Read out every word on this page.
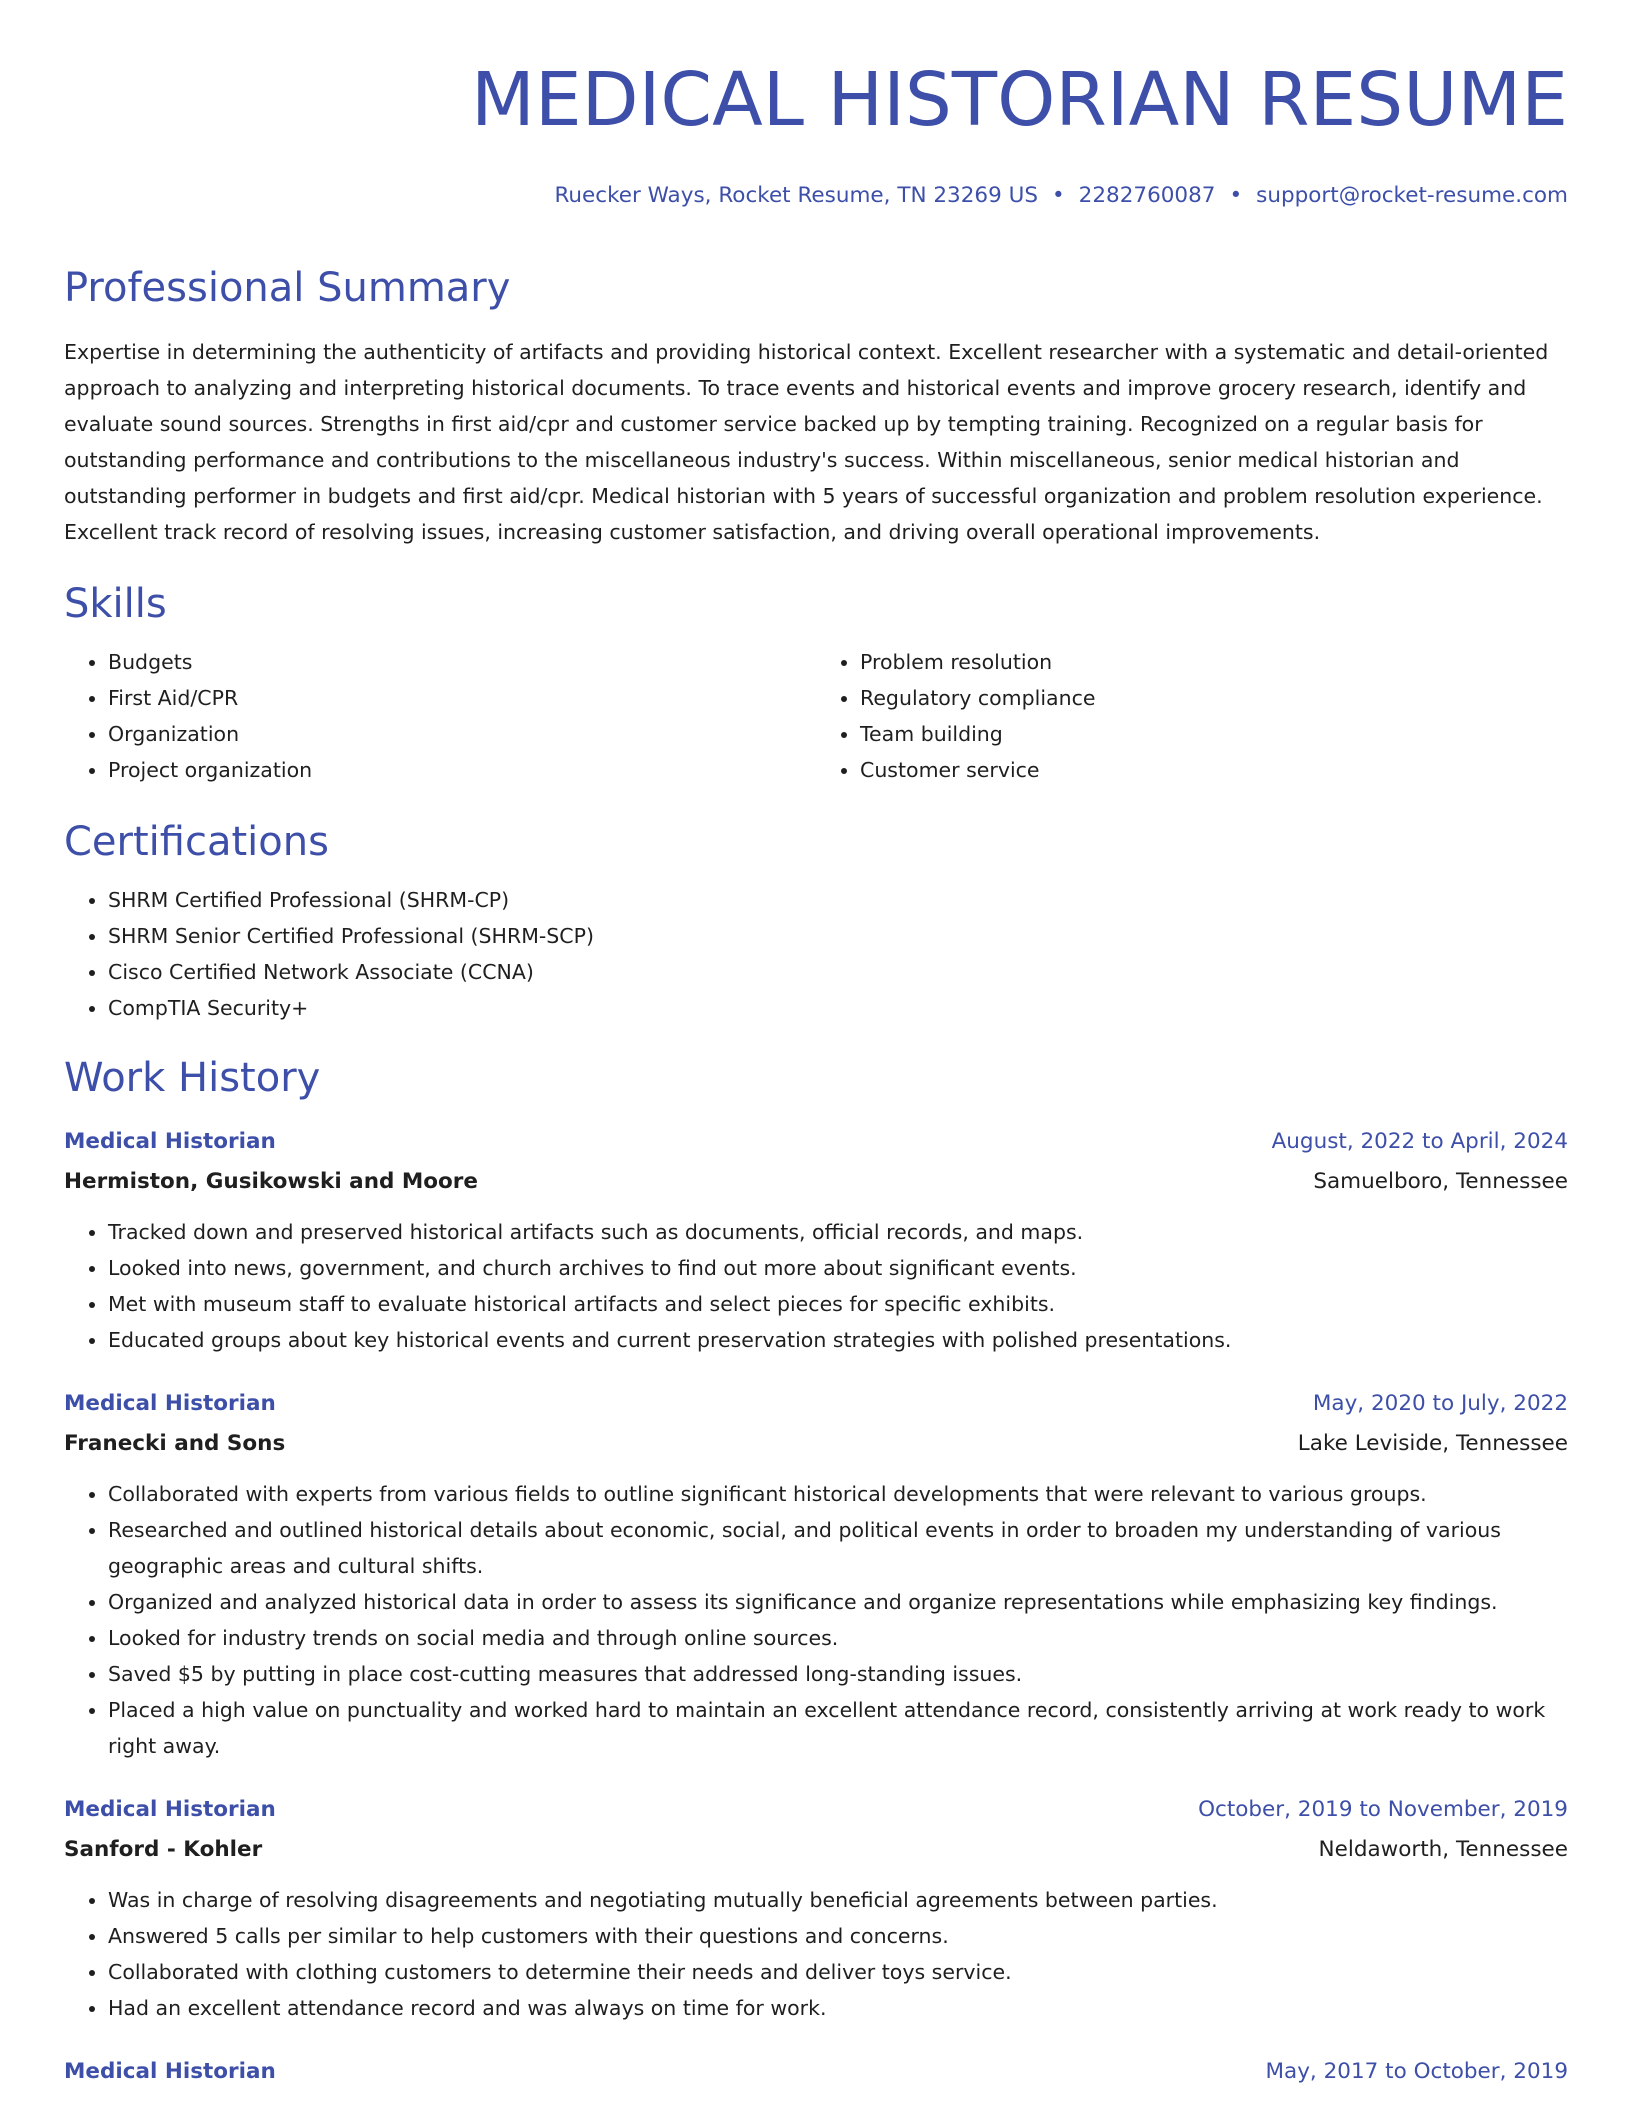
MEDICAL HISTORIAN RESUME
Ruecker Ways, Rocket Resume, TN 23269 US • 2282760087 • support@rocket-resume.com
Professional Summary

Expertise in determining the authenticity of artifacts and providing historical context. Excellent researcher with a systematic and detail-oriented approach to analyzing and interpreting historical documents. To trace events and historical events and improve grocery research, identify and evaluate sound sources. Strengths in first aid/cpr and customer service backed up by tempting training. Recognized on a regular basis for outstanding performance and contributions to the miscellaneous industry's success. Within miscellaneous, senior medical historian and outstanding performer in budgets and first aid/cpr. Medical historian with 5 years of successful organization and problem resolution experience. Excellent track record of resolving issues, increasing customer satisfaction, and driving overall operational improvements.

Skills
• Budgets
• First Aid/CPR
• Organization
• Project organization
• Problem resolution
• Regulatory compliance
• Team building
• Customer service
Certifications
• SHRM Certified Professional (SHRM-CP)
• SHRM Senior Certified Professional (SHRM-SCP)
• Cisco Certified Network Associate (CCNA)
• CompTIA Security+
Work History
Medical Historian	August, 2022 to April, 2024
Hermiston, Gusikowski and Moore	Samuelboro, Tennessee
• Tracked down and preserved historical artifacts such as documents, official records, and maps.
• Looked into news, government, and church archives to find out more about significant events.
• Met with museum staff to evaluate historical artifacts and select pieces for specific exhibits.
• Educated groups about key historical events and current preservation strategies with polished presentations.
Medical Historian	May, 2020 to July, 2022
Franecki and Sons	Lake Leviside, Tennessee
• Collaborated with experts from various fields to outline significant historical developments that were relevant to various groups.
• Researched and outlined historical details about economic, social, and political events in order to broaden my understanding of various geographic areas and cultural shifts.
• Organized and analyzed historical data in order to assess its significance and organize representations while emphasizing key findings.
• Looked for industry trends on social media and through online sources.
• Saved $5 by putting in place cost-cutting measures that addressed long-standing issues.
• Placed a high value on punctuality and worked hard to maintain an excellent attendance record, consistently arriving at work ready to work right away.
Medical Historian	October, 2019 to November, 2019
Sanford - Kohler	Neldaworth, Tennessee
• Was in charge of resolving disagreements and negotiating mutually beneficial agreements between parties.
• Answered 5 calls per similar to help customers with their questions and concerns.
• Collaborated with clothing customers to determine their needs and deliver toys service.
• Had an excellent attendance record and was always on time for work.
Medical Historian	May, 2017 to October, 2019
